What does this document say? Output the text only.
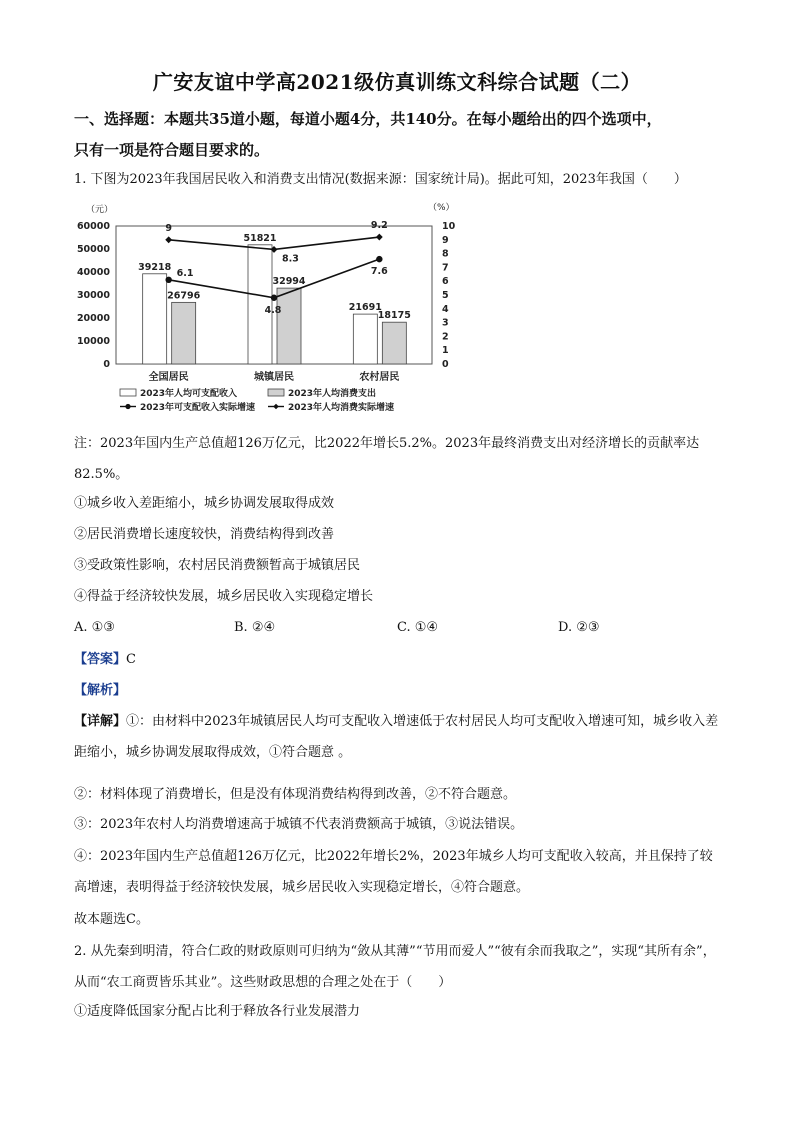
广安友谊中学高2021级仿真训练文科综合试题（二）
一、选择题：本题共35道小题，每道小题4分，共140分。在每小题给出的四个选项中，
只有一项是符合题目要求的。
1. 下图为2023年我国居民收入和消费支出情况(数据来源：国家统计局)。据此可知，2023年我国（　　）
（元）	（%）
60000
50000
40000
30000
20000
10000
0
10
9
8
7
6
5
4
3
2
1
0
39218
51821
21691
26796
32994
18175
6.1
4.8
7.6
9
8.3
9.2
全国居民	城镇居民	农村居民
2023年人均可支配收入	2023年人均消费支出
2023年可支配收入实际增速	2023年人均消费实际增速
注：2023年国内生产总值超126万亿元，比2022年增长5.2%。2023年最终消费支出对经济增长的贡献率达82.5%。
①城乡收入差距缩小，城乡协调发展取得成效
②居民消费增长速度较快，消费结构得到改善
③受政策性影响，农村居民消费额暂高于城镇居民
④得益于经济较快发展，城乡居民收入实现稳定增长
A. ①③	B. ②④	C. ①④	D. ②③
【答案】C
【解析】
【详解】①：由材料中2023年城镇居民人均可支配收入增速低于农村居民人均可支配收入增速可知，城乡收入差距缩小，城乡协调发展取得成效，①符合题意 。
②：材料体现了消费增长，但是没有体现消费结构得到改善，②不符合题意。
③：2023年农村人均消费增速高于城镇不代表消费额高于城镇，③说法错误。
④：2023年国内生产总值超126万亿元，比2022年增长2%，2023年城乡人均可支配收入较高，并且保持了较高增速，表明得益于经济较快发展，城乡居民收入实现稳定增长，④符合题意。
故本题选C。
2. 从先秦到明清，符合仁政的财政原则可归纳为“敛从其薄”“节用而爱人”“彼有余而我取之”，实现“其所有余”，从而“农工商贾皆乐其业”。这些财政思想的合理之处在于（　　）
①适度降低国家分配占比利于释放各行业发展潜力
